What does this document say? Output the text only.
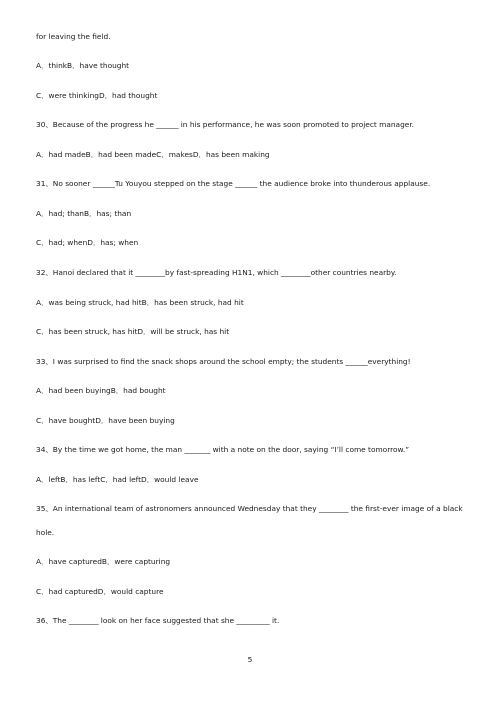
for leaving the field.
A．thinkB．have thought
C．were thinkingD．had thought
30、Because of the progress he ______ in his performance, he was soon promoted to project manager.
A．had madeB．had been madeC．makesD．has been making
31、No sooner ______Tu Youyou stepped on the stage ______ the audience broke into thunderous applause.
A．had; thanB．has; than
C．had; whenD．has; when
32、Hanoi declared that it ________by fast-spreading H1N1, which ________other countries nearby.
A．was being struck, had hitB．has been struck, had hit
C．has been struck, has hitD．will be struck, has hit
33、I was surprised to find the snack shops around the school empty; the students ______everything!
A．had been buyingB．had bought
C．have boughtD．have been buying
34、By the time we got home, the man _______ with a note on the door, saying “I’ll come tomorrow.”
A．leftB．has leftC．had leftD．would leave
35、An international team of astronomers announced Wednesday that they ________ the first-ever image of a black
hole.
A．have capturedB．were capturing
C．had capturedD．would capture
36、The ________ look on her face suggested that she _________ it.
5
